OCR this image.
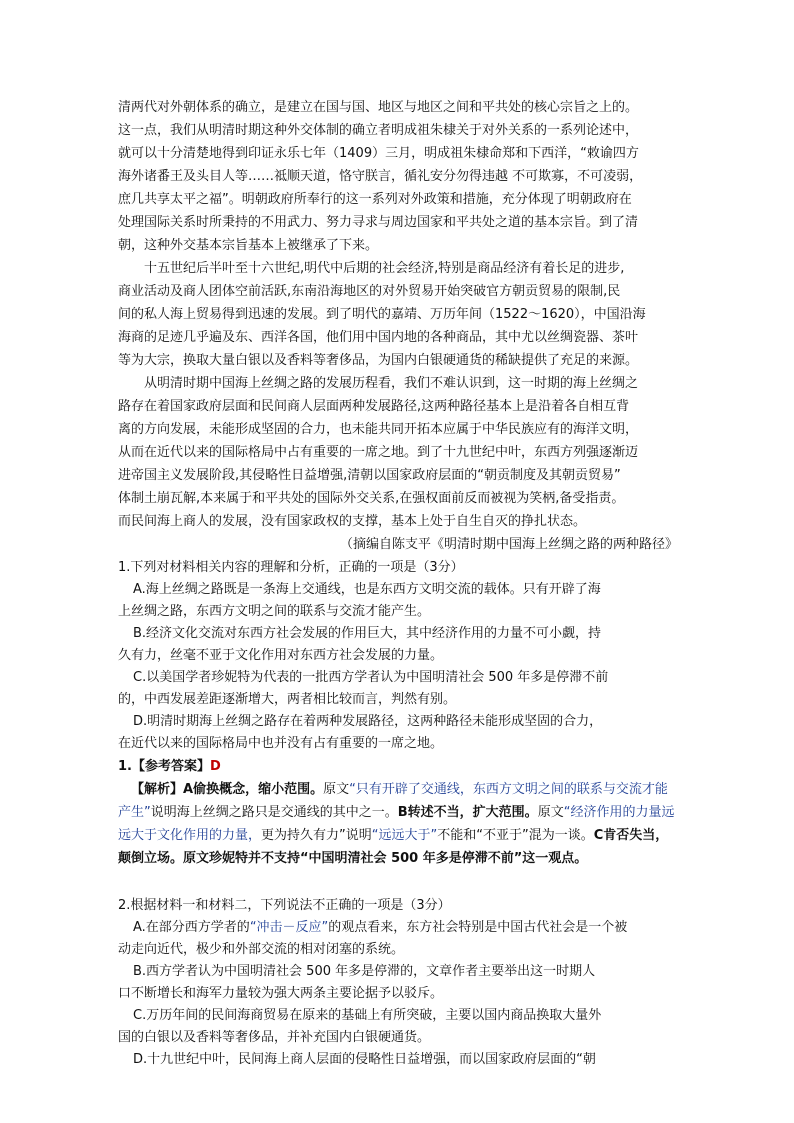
清两代对外朝体系的确立，是建立在国与国、地区与地区之间和平共处的核心宗旨之上的。

这一点，我们从明清时期这种外交体制的确立者明成祖朱棣关于对外关系的一系列论述中，

就可以十分清楚地得到印证永乐七年（1409）三月，明成祖朱棣命郑和下西洋，“敕谕四方

海外诸番王及头目人等……祗顺天道，恪守朕言，循礼安分勿得违越 不可欺寡，不可凌弱，

庶几共享太平之福”。明朝政府所奉行的这一系列对外政策和措施，充分体现了明朝政府在

处理国际关系时所秉持的不用武力、努力寻求与周边国家和平共处之道的基本宗旨。到了清

朝，这种外交基本宗旨基本上被继承了下来。

十五世纪后半叶至十六世纪,明代中后期的社会经济,特别是商品经济有着长足的进步,

商业活动及商人团体空前活跃,东南沿海地区的对外贸易开始突破官方朝贡贸易的限制,民

间的私人海上贸易得到迅速的发展。到了明代的嘉靖、万历年间（1522～1620），中国沿海

海商的足迹几乎遍及东、西洋各国，他们用中国内地的各种商品，其中尤以丝绸瓷器、茶叶

等为大宗，换取大量白银以及香料等奢侈品，为国内白银硬通货的稀缺提供了充足的来源。

从明清时期中国海上丝绸之路的发展历程看，我们不难认识到，这一时期的海上丝绸之

路存在着国家政府层面和民间商人层面两种发展路径,这两种路径基本上是沿着各自相互背

离的方向发展，未能形成坚固的合力，也未能共同开拓本应属于中华民族应有的海洋文明，

从而在近代以来的国际格局中占有重要的一席之地。到了十九世纪中叶，东西方列强逐渐迈

进帝国主义发展阶段,其侵略性日益增强,清朝以国家政府层面的“朝贡制度及其朝贡贸易”

体制土崩瓦解,本来属于和平共处的国际外交关系,在强权面前反而被视为笑柄,备受指责。

而民间海上商人的发展，没有国家政权的支撑，基本上处于自生自灭的挣扎状态。

（摘编自陈支平《明清时期中国海上丝绸之路的两种路径》
1.下列对材料相关内容的理解和分析，正确的一项是（3分）
A.海上丝绸之路既是一条海上交通线，也是东西方文明交流的载体。只有开辟了海
上丝绸之路，东西方文明之间的联系与交流才能产生。
B.经济文化交流对东西方社会发展的作用巨大，其中经济作用的力量不可小觑，持
久有力，丝毫不亚于文化作用对东西方社会发展的力量。
C.以美国学者珍妮特为代表的一批西方学者认为中国明清社会 500 年多是停滞不前
的，中西发展差距逐渐增大，两者相比较而言，判然有别。
D.明清时期海上丝绸之路存在着两种发展路径，这两种路径未能形成坚固的合力，
在近代以来的国际格局中也并没有占有重要的一席之地。
1.【参考答案】D
【解析】A偷换概念，缩小范围。原文“只有开辟了交通线，东西方文明之间的联系与交流才能产生”说明海上丝绸之路只是交通线的其中之一。B转述不当，扩大范围。原文“经济作用的力量远远大于文化作用的力量，更为持久有力”说明“远远大于”不能和“不亚于”混为一谈。C肯否失当，颠倒立场。原文珍妮特并不支持“中国明清社会 500 年多是停滞不前”这一观点。
2.根据材料一和材料二，下列说法不正确的一项是（3分）
A.在部分西方学者的“冲击－反应”的观点看来，东方社会特别是中国古代社会是一个被
动走向近代，极少和外部交流的相对闭塞的系统。
B.西方学者认为中国明清社会 500 年多是停滞的，文章作者主要举出这一时期人
口不断增长和海军力量较为强大两条主要论据予以驳斥。
C.万历年间的民间海商贸易在原来的基础上有所突破，主要以国内商品换取大量外
国的白银以及香料等奢侈品，并补充国内白银硬通货。
D.十九世纪中叶，民间海上商人层面的侵略性日益增强，而以国家政府层面的“朝
